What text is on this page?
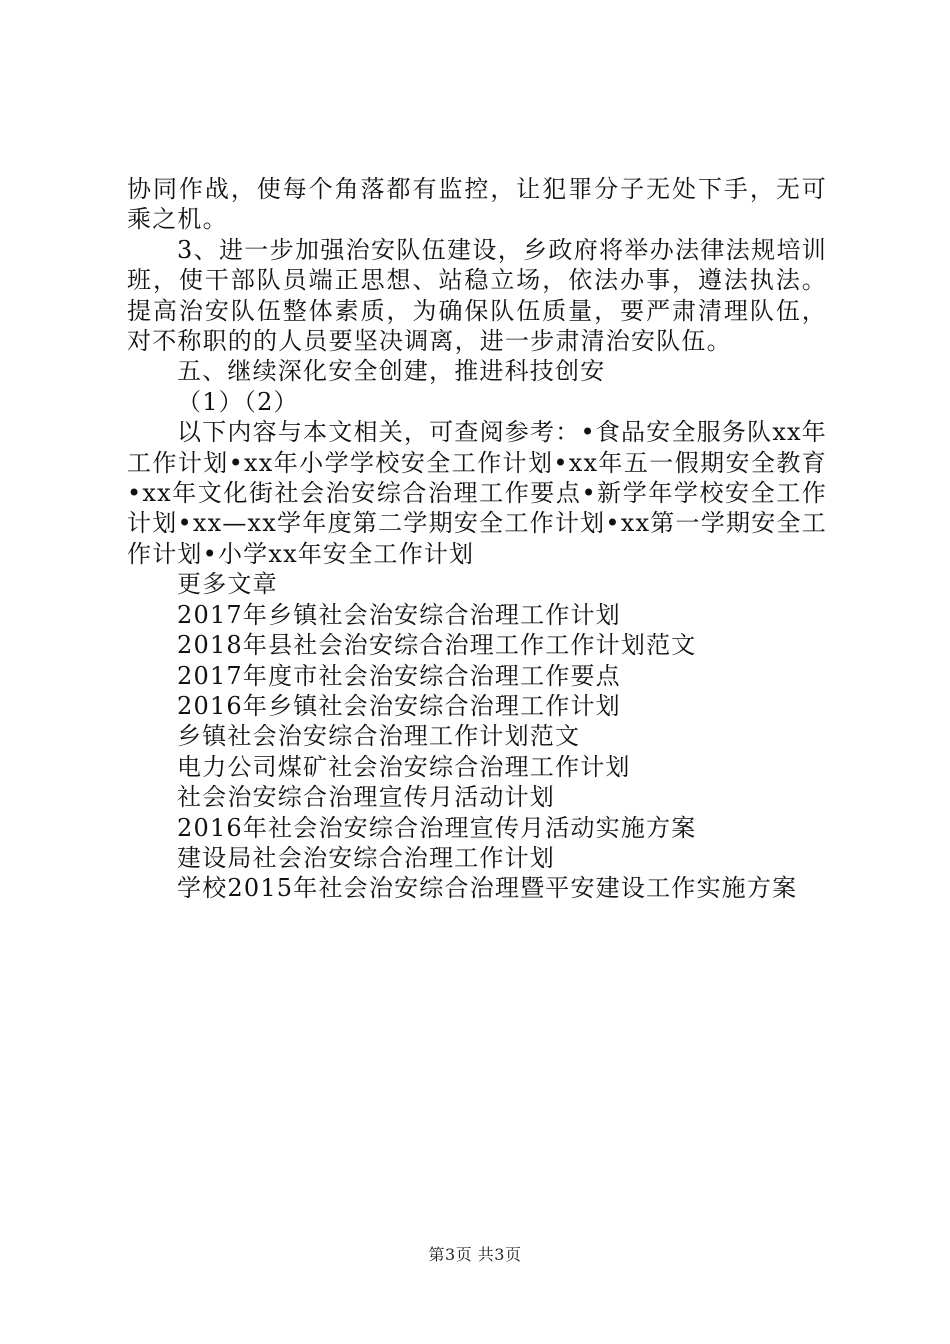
协同作战，使每个角落都有监控，让犯罪分子无处下手，无可乘之机。

3、进一步加强治安队伍建设，乡政府将举办法律法规培训班，使干部队员端正思想、站稳立场，依法办事，遵法执法。提高治安队伍整体素质，为确保队伍质量，要严肃清理队伍，对不称职的的人员要坚决调离，进一步肃清治安队伍。

五、继续深化安全创建，推进科技创安

（1）（2）

以下内容与本文相关，可查阅参考：•食品安全服务队xx年工作计划•xx年小学学校安全工作计划•xx年五一假期安全教育•xx年文化街社会治安综合治理工作要点•新学年学校安全工作计划•xx—xx学年度第二学期安全工作计划•xx第一学期安全工作计划•小学xx年安全工作计划

更多文章

2017年乡镇社会治安综合治理工作计划
2018年县社会治安综合治理工作工作计划范文
2017年度市社会治安综合治理工作要点
2016年乡镇社会治安综合治理工作计划
乡镇社会治安综合治理工作计划范文
电力公司煤矿社会治安综合治理工作计划
社会治安综合治理宣传月活动计划
2016年社会治安综合治理宣传月活动实施方案
建设局社会治安综合治理工作计划
学校2015年社会治安综合治理暨平安建设工作实施方案
第3页 共3页
